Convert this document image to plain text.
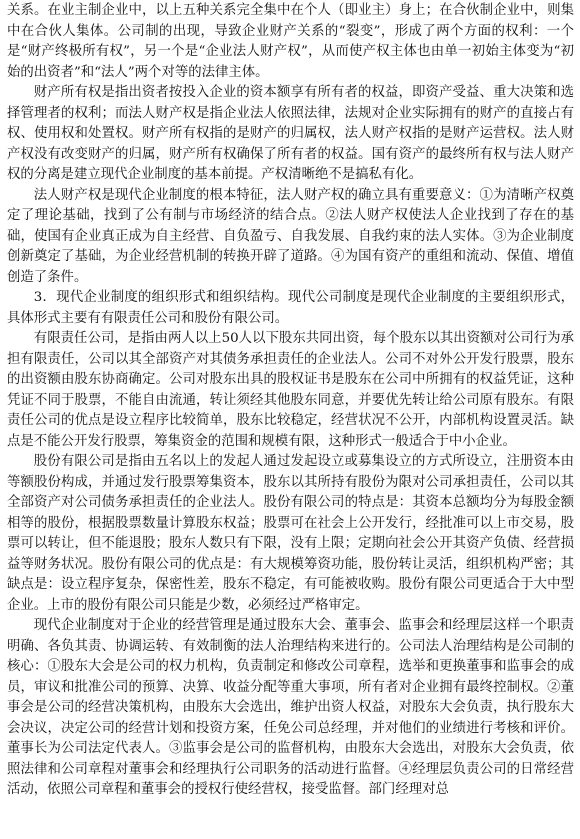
关系。在业主制企业中，以上五种关系完全集中在个人（即业主）身上；在合伙制企业中，则集中在合伙人集体。公司制的出现，导致企业财产关系的“裂变”，形成了两个方面的权利：一个是“财产终极所有权”，另一个是“企业法人财产权”，从而使产权主体也由单一初始主体变为“初始的出资者”和“法人”两个对等的法律主体。

财产所有权是指出资者按投入企业的资本额享有所有者的权益，即资产受益、重大决策和选择管理者的权利；而法人财产权是指企业法人依照法律，法规对企业实际拥有的财产的直接占有权、使用权和处置权。财产所有权指的是财产的归属权，法人财产权指的是财产运营权。法人财产权没有改变财产的归属，财产所有权确保了所有者的权益。国有资产的最终所有权与法人财产权的分离是建立现代企业制度的基本前提。产权清晰绝不是搞私有化。

法人财产权是现代企业制度的根本特征，法人财产权的确立具有重要意义：①为清晰产权奠定了理论基础，找到了公有制与市场经济的结合点。②法人财产权使法人企业找到了存在的基础，使国有企业真正成为自主经营、自负盈亏、自我发展、自我约束的法人实体。③为企业制度创新奠定了基础，为企业经营机制的转换开辟了道路。④为国有资产的重组和流动、保值、增值创造了条件。

3．现代企业制度的组织形式和组织结构。现代公司制度是现代企业制度的主要组织形式，具体形式主要有有限责任公司和股份有限公司。

有限责任公司，是指由两人以上50人以下股东共同出资，每个股东以其出资额对公司行为承担有限责任，公司以其全部资产对其债务承担责任的企业法人。公司不对外公开发行股票，股东的出资额由股东协商确定。公司对股东出具的股权证书是股东在公司中所拥有的权益凭证，这种凭证不同于股票，不能自由流通，转让须经其他股东同意，并要优先转让给公司原有股东。有限责任公司的优点是设立程序比较简单，股东比较稳定，经营状况不公开，内部机构设置灵活。缺点是不能公开发行股票，筹集资金的范围和规模有限，这种形式一般适合于中小企业。

股份有限公司是指由五名以上的发起人通过发起设立或募集设立的方式所设立，注册资本由等额股份构成，并通过发行股票筹集资本，股东以其所持有股份为限对公司承担责任，公司以其全部资产对公司债务承担责任的企业法人。股份有限公司的特点是：其资本总额均分为每股金额相等的股份，根据股票数量计算股东权益；股票可在社会上公开发行，经批准可以上市交易，股票可以转让，但不能退股；股东人数只有下限，没有上限；定期向社会公开其资产负债、经营损益等财务状况。股份有限公司的优点是：有大规模筹资功能，股份转让灵活，组织机构严密；其缺点是：设立程序复杂，保密性差，股东不稳定，有可能被收购。股份有限公司更适合于大中型企业。上市的股份有限公司只能是少数，必须经过严格审定。

现代企业制度对于企业的经营管理是通过股东大会、董事会、监事会和经理层这样一个职责明确、各负其责、协调运转、有效制衡的法人治理结构来进行的。公司法人治理结构是公司制的核心：①股东大会是公司的权力机构，负责制定和修改公司章程，选举和更换董事和监事会的成员，审议和批准公司的预算、决算、收益分配等重大事项，所有者对企业拥有最终控制权。②董事会是公司的经营决策机构，由股东大会选出，维护出资人权益，对股东大会负责，执行股东大会决议，决定公司的经营计划和投资方案，任免公司总经理，并对他们的业绩进行考核和评价。董事长为公司法定代表人。③监事会是公司的监督机构，由股东大会选出，对股东大会负责，依照法律和公司章程对董事会和经理执行公司职务的活动进行监督。④经理层负责公司的日常经营活动，依照公司章程和董事会的授权行使经营权，接受监督。部门经理对总
